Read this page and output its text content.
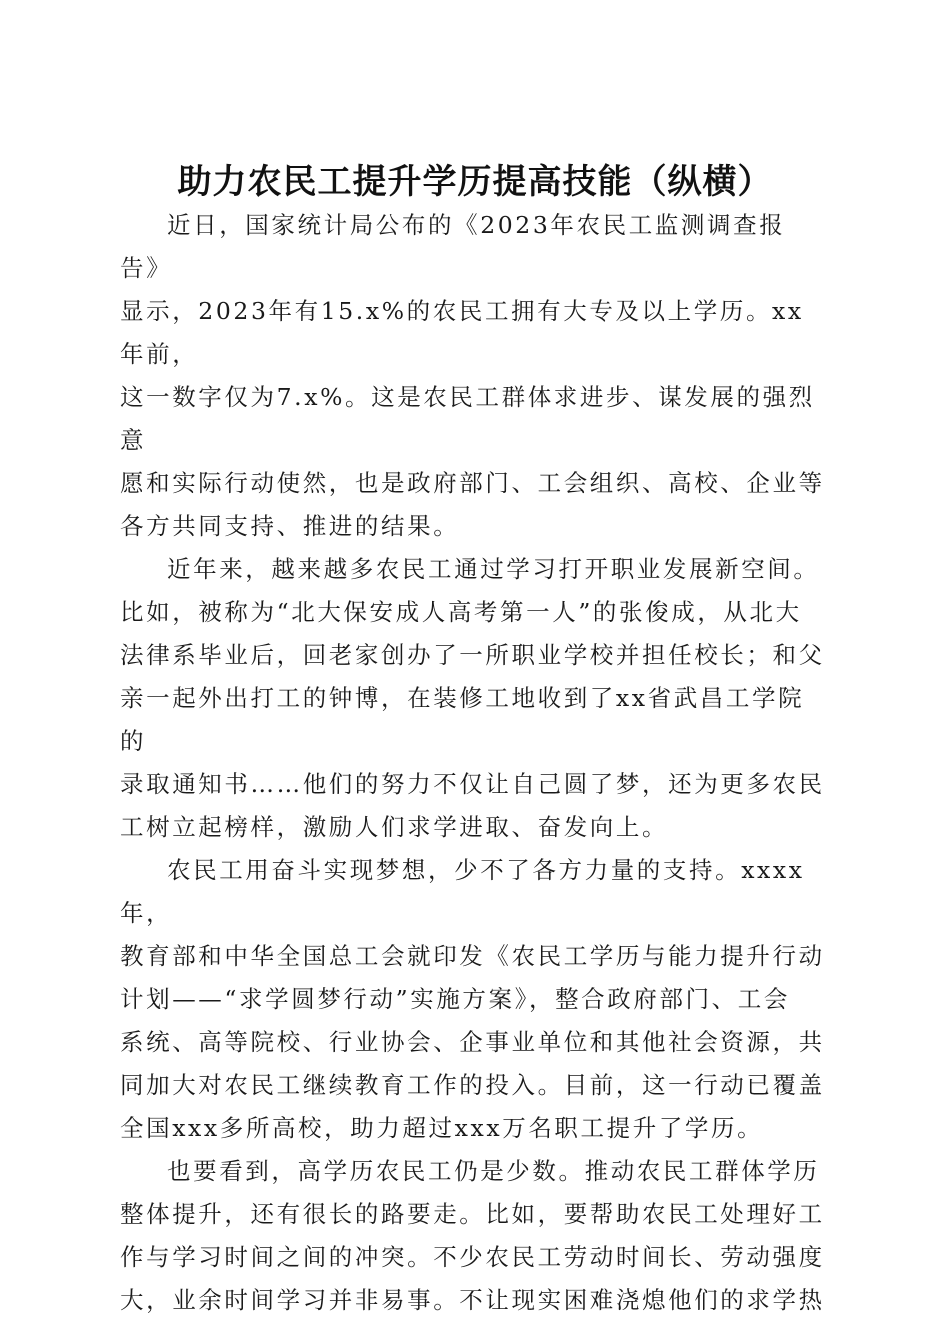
助力农民工提升学历提高技能（纵横）

近日，国家统计局公布的《2023年农民工监测调查报告》
显示，2023年有15.x%的农民工拥有大专及以上学历。xx年前，
这一数字仅为7.x%。这是农民工群体求进步、谋发展的强烈意
愿和实际行动使然，也是政府部门、工会组织、高校、企业等
各方共同支持、推进的结果。

近年来，越来越多农民工通过学习打开职业发展新空间。
比如，被称为“北大保安成人高考第一人”的张俊成，从北大
法律系毕业后，回老家创办了一所职业学校并担任校长；和父
亲一起外出打工的钟博，在装修工地收到了xx省武昌工学院的
录取通知书……他们的努力不仅让自己圆了梦，还为更多农民
工树立起榜样，激励人们求学进取、奋发向上。

农民工用奋斗实现梦想，少不了各方力量的支持。xxxx年，
教育部和中华全国总工会就印发《农民工学历与能力提升行动
计划——“求学圆梦行动”实施方案》，整合政府部门、工会
系统、高等院校、行业协会、企事业单位和其他社会资源，共
同加大对农民工继续教育工作的投入。目前，这一行动已覆盖
全国xxx多所高校，助力超过xxx万名职工提升了学历。

也要看到，高学历农民工仍是少数。推动农民工群体学历
整体提升，还有很长的路要走。比如，要帮助农民工处理好工
作与学习时间之间的冲突。不少农民工劳动时间长、劳动强度
大，业余时间学习并非易事。不让现实困难浇熄他们的求学热
